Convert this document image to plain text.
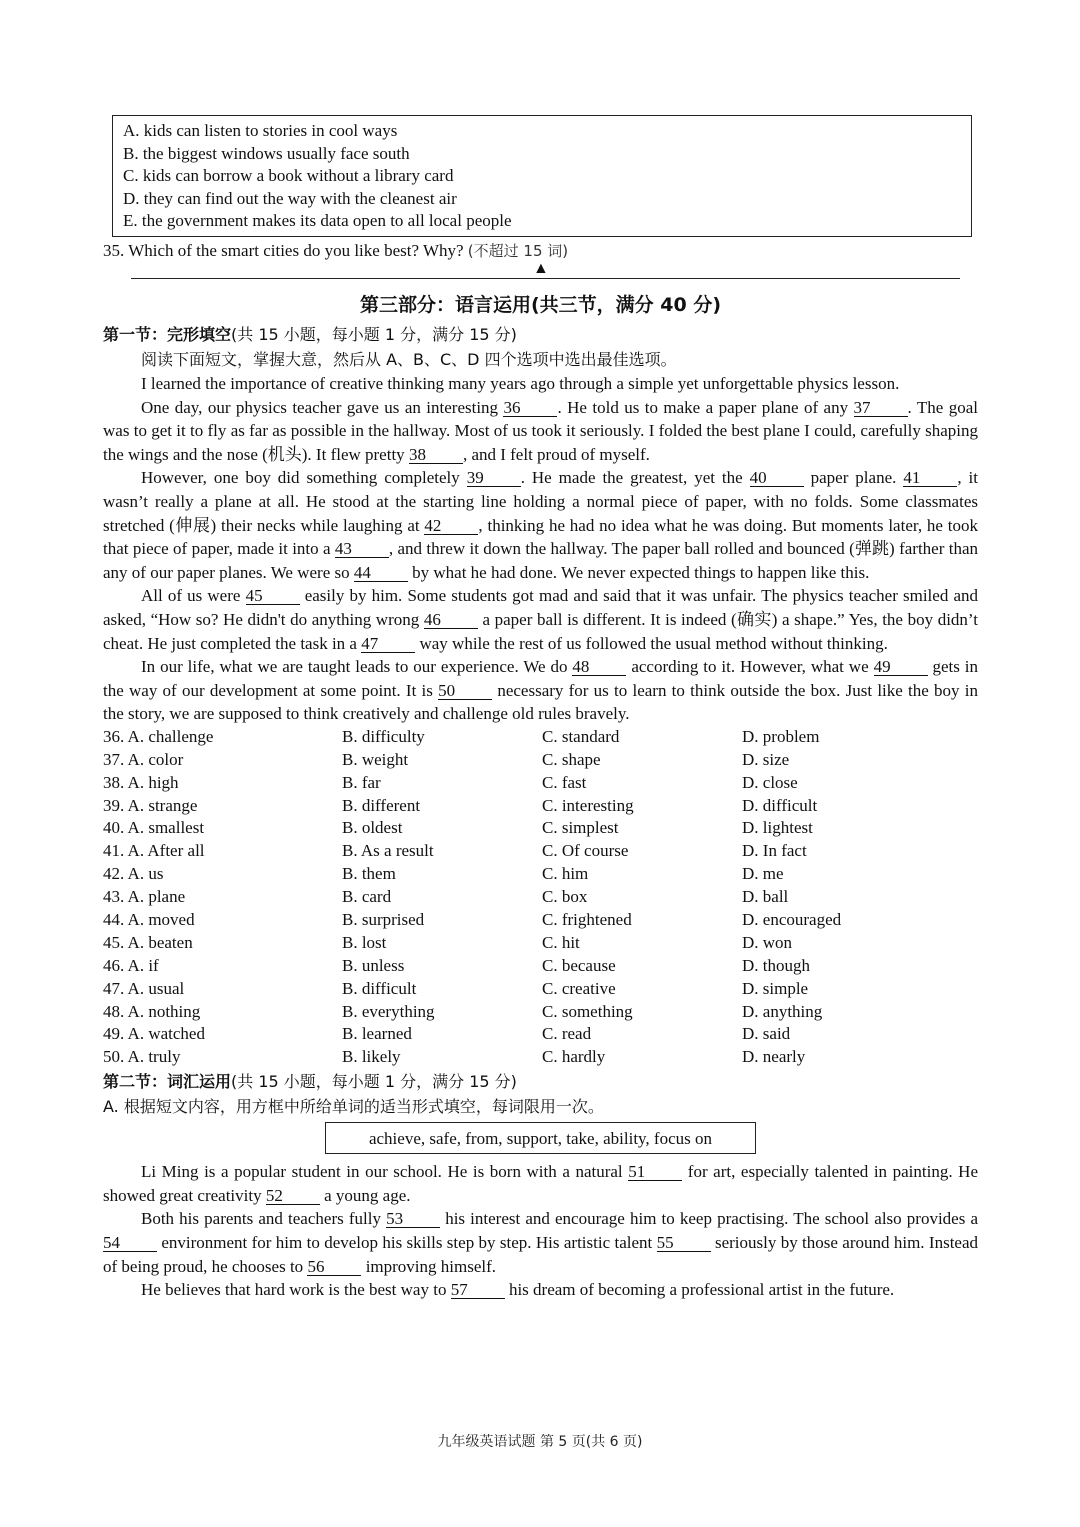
A. kids can listen to stories in cool ways
B. the biggest windows usually face south
C. kids can borrow a book without a library card
D. they can find out the way with the cleanest air
E. the government makes its data open to all local people
35. Which of the smart cities do you like best? Why? (不超过 15 词)
▲
第三部分：语言运用(共三节，满分 40 分)
第一节：完形填空(共 15 小题，每小题 1 分，满分 15 分)
阅读下面短文，掌握大意，然后从 A、B、C、D 四个选项中选出最佳选项。

I learned the importance of creative thinking many years ago through a simple yet unforgettable physics lesson.

One day, our physics teacher gave us an interesting 36 . He told us to make a paper plane of any 37 . The goal was to get it to fly as far as possible in the hallway. Most of us took it seriously. I folded the best plane I could, carefully shaping the wings and the nose (机头). It flew pretty 38 , and I felt proud of myself.

However, one boy did something completely 39 . He made the greatest, yet the 40 paper plane. 41 , it wasn’t really a plane at all. He stood at the starting line holding a normal piece of paper, with no folds. Some classmates stretched (伸展) their necks while laughing at 42 , thinking he had no idea what he was doing. But moments later, he took that piece of paper, made it into a 43 , and threw it down the hallway. The paper ball rolled and bounced (弹跳) farther than any of our paper planes. We were so 44 by what he had done. We never expected things to happen like this.

All of us were 45 easily by him. Some students got mad and said that it was unfair. The physics teacher smiled and asked, “How so? He didn't do anything wrong 46 a paper ball is different. It is indeed (确实) a shape.” Yes, the boy didn’t cheat. He just completed the task in a 47 way while the rest of us followed the usual method without thinking.

In our life, what we are taught leads to our experience. We do 48 according to it. However, what we 49 gets in the way of our development at some point. It is 50 necessary for us to learn to think outside the box. Just like the boy in the story, we are supposed to think creatively and challenge old rules bravely.

36. A. challenge	B. difficulty	C. standard	D. problem
37. A. color	B. weight	C. shape	D. size
38. A. high	B. far	C. fast	D. close
39. A. strange	B. different	C. interesting	D. difficult
40. A. smallest	B. oldest	C. simplest	D. lightest
41. A. After all	B. As a result	C. Of course	D. In fact
42. A. us	B. them	C. him	D. me
43. A. plane	B. card	C. box	D. ball
44. A. moved	B. surprised	C. frightened	D. encouraged
45. A. beaten	B. lost	C. hit	D. won
46. A. if	B. unless	C. because	D. though
47. A. usual	B. difficult	C. creative	D. simple
48. A. nothing	B. everything	C. something	D. anything
49. A. watched	B. learned	C. read	D. said
50. A. truly	B. likely	C. hardly	D. nearly
第二节：词汇运用(共 15 小题，每小题 1 分，满分 15 分)
A. 根据短文内容，用方框中所给单词的适当形式填空，每词限用一次。
achieve, safe, from, support, take, ability, focus on

Li Ming is a popular student in our school. He is born with a natural 51 for art, especially talented in painting. He showed great creativity 52 a young age.

Both his parents and teachers fully 53 his interest and encourage him to keep practising. The school also provides a 54 environment for him to develop his skills step by step. His artistic talent 55 seriously by those around him. Instead of being proud, he chooses to 56 improving himself.

He believes that hard work is the best way to 57 his dream of becoming a professional artist in the future.

九年级英语试题 第 5 页(共 6 页)
